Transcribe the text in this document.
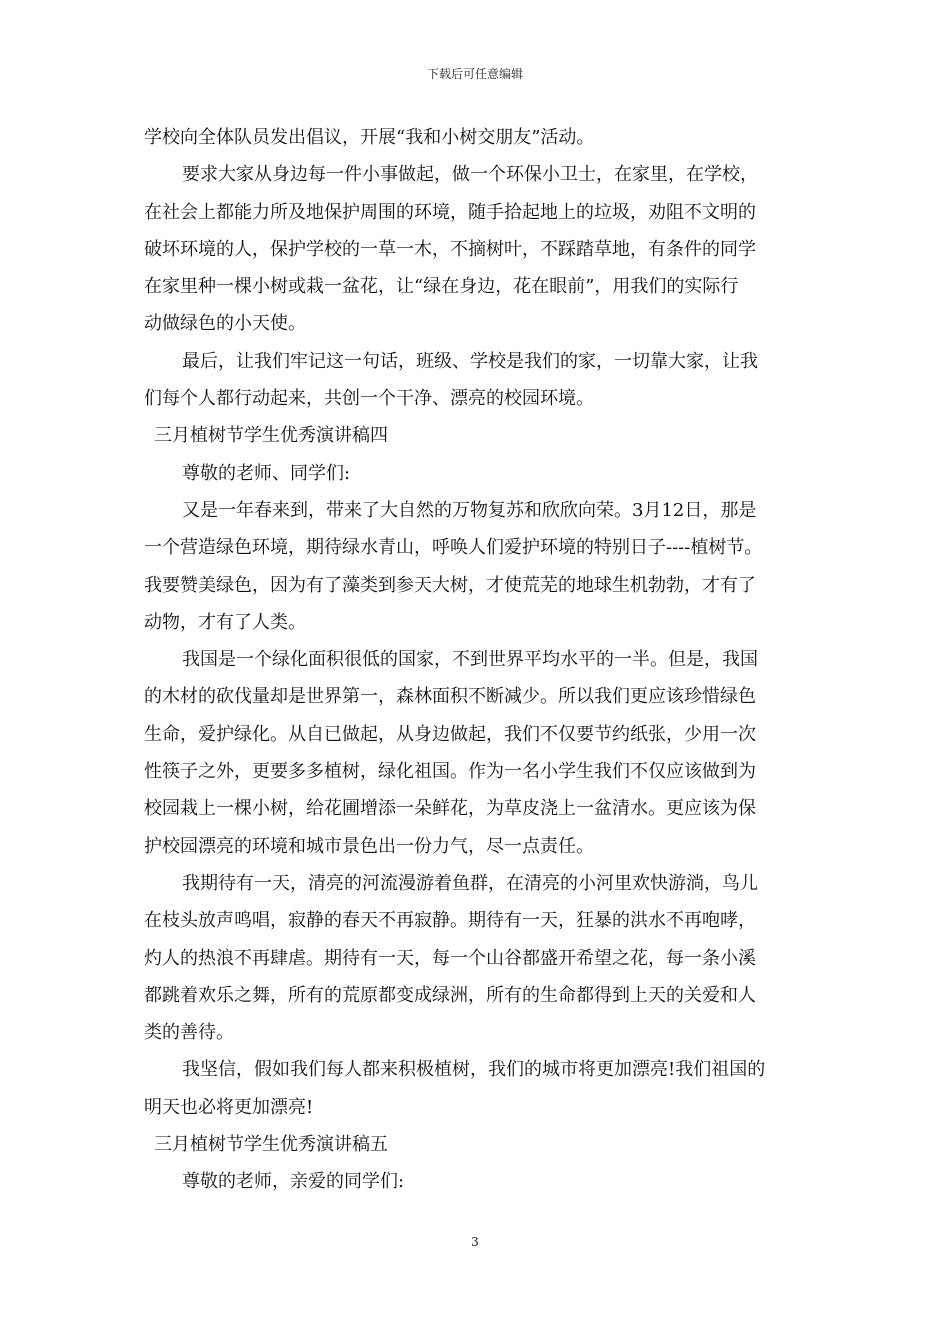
下载后可任意编辑
学校向全体队员发出倡议，开展“我和小树交朋友”活动。
要求大家从身边每一件小事做起，做一个环保小卫士，在家里，在学校，
在社会上都能力所及地保护周围的环境，随手拾起地上的垃圾，劝阻不文明的
破坏环境的人，保护学校的一草一木，不摘树叶，不踩踏草地，有条件的同学
在家里种一棵小树或栽一盆花，让“绿在身边，花在眼前”，用我们的实际行
动做绿色的小天使。
最后，让我们牢记这一句话，班级、学校是我们的家，一切靠大家，让我
们每个人都行动起来，共创一个干净、漂亮的校园环境。
三月植树节学生优秀演讲稿四
尊敬的老师、同学们:
又是一年春来到，带来了大自然的万物复苏和欣欣向荣。3月12日，那是
一个营造绿色环境，期待绿水青山，呼唤人们爱护环境的特别日子----植树节。
我要赞美绿色，因为有了藻类到参天大树，才使荒芜的地球生机勃勃，才有了
动物，才有了人类。
我国是一个绿化面积很低的国家，不到世界平均水平的一半。但是，我国
的木材的砍伐量却是世界第一，森林面积不断减少。所以我们更应该珍惜绿色
生命，爱护绿化。从自已做起，从身边做起，我们不仅要节约纸张，少用一次
性筷子之外，更要多多植树，绿化祖国。作为一名小学生我们不仅应该做到为
校园栽上一棵小树，给花圃增添一朵鲜花，为草皮浇上一盆清水。更应该为保
护校园漂亮的环境和城市景色出一份力气，尽一点责任。
我期待有一天，清亮的河流漫游着鱼群，在清亮的小河里欢快游淌，鸟儿
在枝头放声鸣唱，寂静的春天不再寂静。期待有一天，狂暴的洪水不再咆哮，
灼人的热浪不再肆虐。期待有一天，每一个山谷都盛开希望之花，每一条小溪
都跳着欢乐之舞，所有的荒原都变成绿洲，所有的生命都得到上天的关爱和人
类的善待。
我坚信，假如我们每人都来积极植树，我们的城市将更加漂亮!我们祖国的
明天也必将更加漂亮!
三月植树节学生优秀演讲稿五
尊敬的老师，亲爱的同学们:
3
